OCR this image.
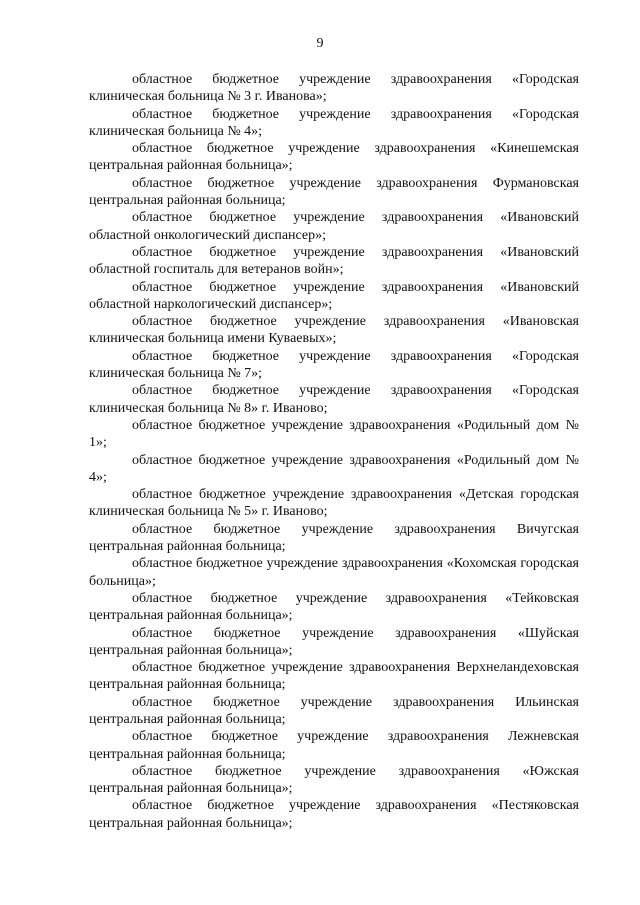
9

областное бюджетное учреждение здравоохранения «Городская клиническая больница № 3 г. Иванова»;

областное бюджетное учреждение здравоохранения «Городская клиническая больница № 4»;

областное бюджетное учреждение здравоохранения «Кинешемская центральная районная больница»;

областное бюджетное учреждение здравоохранения Фурмановская центральная районная больница;

областное бюджетное учреждение здравоохранения «Ивановский областной онкологический диспансер»;

областное бюджетное учреждение здравоохранения «Ивановский областной госпиталь для ветеранов войн»;

областное бюджетное учреждение здравоохранения «Ивановский областной наркологический диспансер»;

областное бюджетное учреждение здравоохранения «Ивановская клиническая больница имени Куваевых»;

областное бюджетное учреждение здравоохранения «Городская клиническая больница № 7»;

областное бюджетное учреждение здравоохранения «Городская клиническая больница № 8» г. Иваново;

областное бюджетное учреждение здравоохранения «Родильный дом № 1»;

областное бюджетное учреждение здравоохранения «Родильный дом № 4»;

областное бюджетное учреждение здравоохранения «Детская городская клиническая больница № 5» г. Иваново;

областное бюджетное учреждение здравоохранения Вичугская центральная районная больница;

областное бюджетное учреждение здравоохранения «Кохомская городская больница»;

областное бюджетное учреждение здравоохранения «Тейковская центральная районная больница»;

областное бюджетное учреждение здравоохранения «Шуйская центральная районная больница»;

областное бюджетное учреждение здравоохранения Верхнеландеховская центральная районная больница;

областное бюджетное учреждение здравоохранения Ильинская центральная районная больница;

областное бюджетное учреждение здравоохранения Лежневская центральная районная больница;

областное бюджетное учреждение здравоохранения «Южская центральная районная больница»;

областное бюджетное учреждение здравоохранения «Пестяковская центральная районная больница»;
